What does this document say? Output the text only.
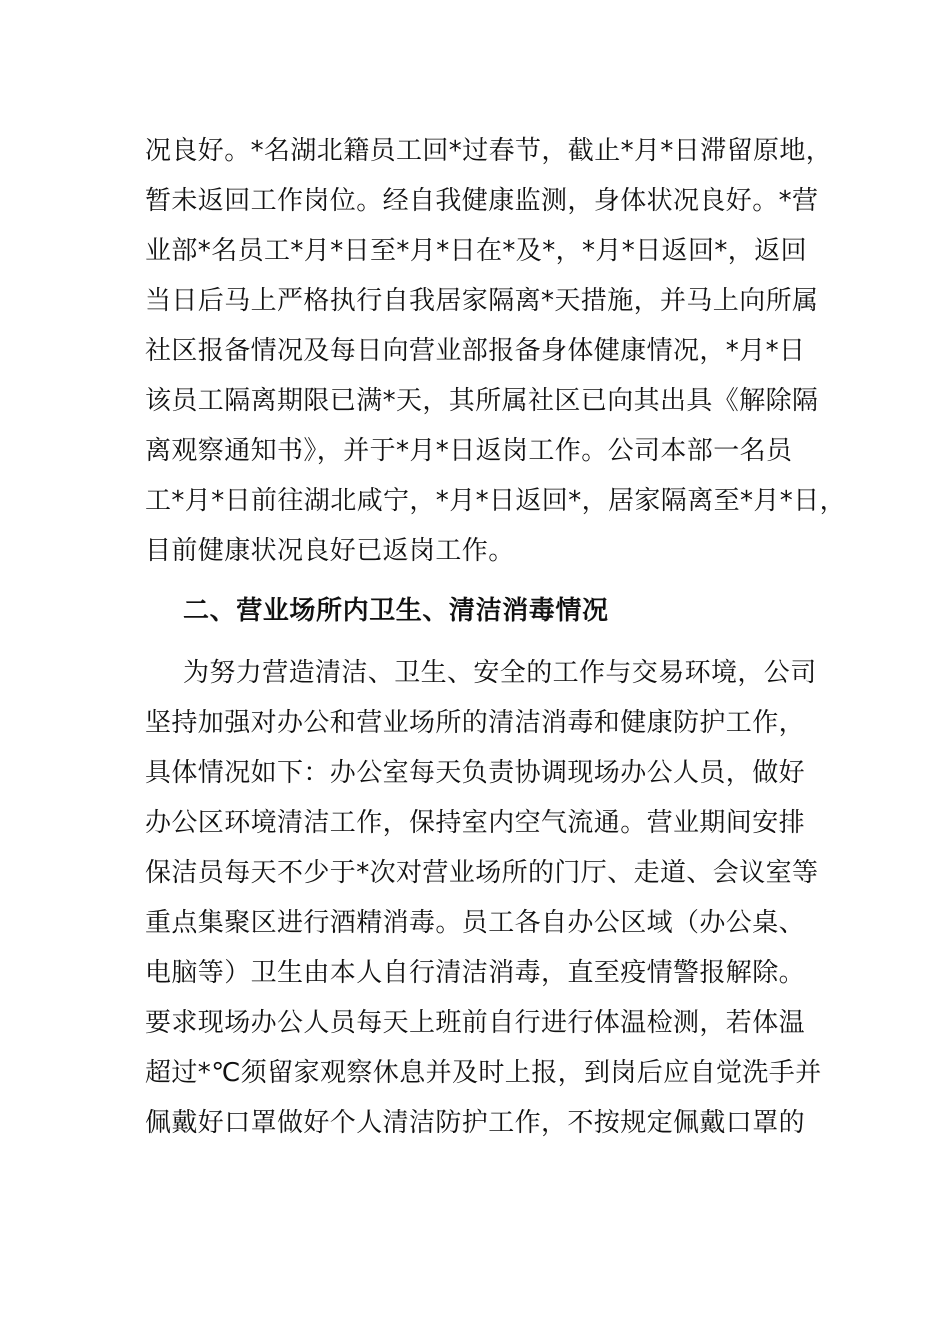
况良好。*名湖北籍员工回*过春节，截止*月*日滞留原地，
暂未返回工作岗位。经自我健康监测，身体状况良好。*营
业部*名员工*月*日至*月*日在*及*，*月*日返回*，返回
当日后马上严格执行自我居家隔离*天措施，并马上向所属
社区报备情况及每日向营业部报备身体健康情况，*月*日
该员工隔离期限已满*天，其所属社区已向其出具《解除隔
离观察通知书》，并于*月*日返岗工作。公司本部一名员
工*月*日前往湖北咸宁，*月*日返回*，居家隔离至*月*日，
目前健康状况良好已返岗工作。
二、营业场所内卫生、清洁消毒情况
为努力营造清洁、卫生、安全的工作与交易环境，公司
坚持加强对办公和营业场所的清洁消毒和健康防护工作，
具体情况如下：办公室每天负责协调现场办公人员，做好
办公区环境清洁工作，保持室内空气流通。营业期间安排
保洁员每天不少于*次对营业场所的门厅、走道、会议室等
重点集聚区进行酒精消毒。员工各自办公区域（办公桌、
电脑等）卫生由本人自行清洁消毒，直至疫情警报解除。
要求现场办公人员每天上班前自行进行体温检测，若体温
超过*℃须留家观察休息并及时上报，到岗后应自觉洗手并
佩戴好口罩做好个人清洁防护工作，不按规定佩戴口罩的
